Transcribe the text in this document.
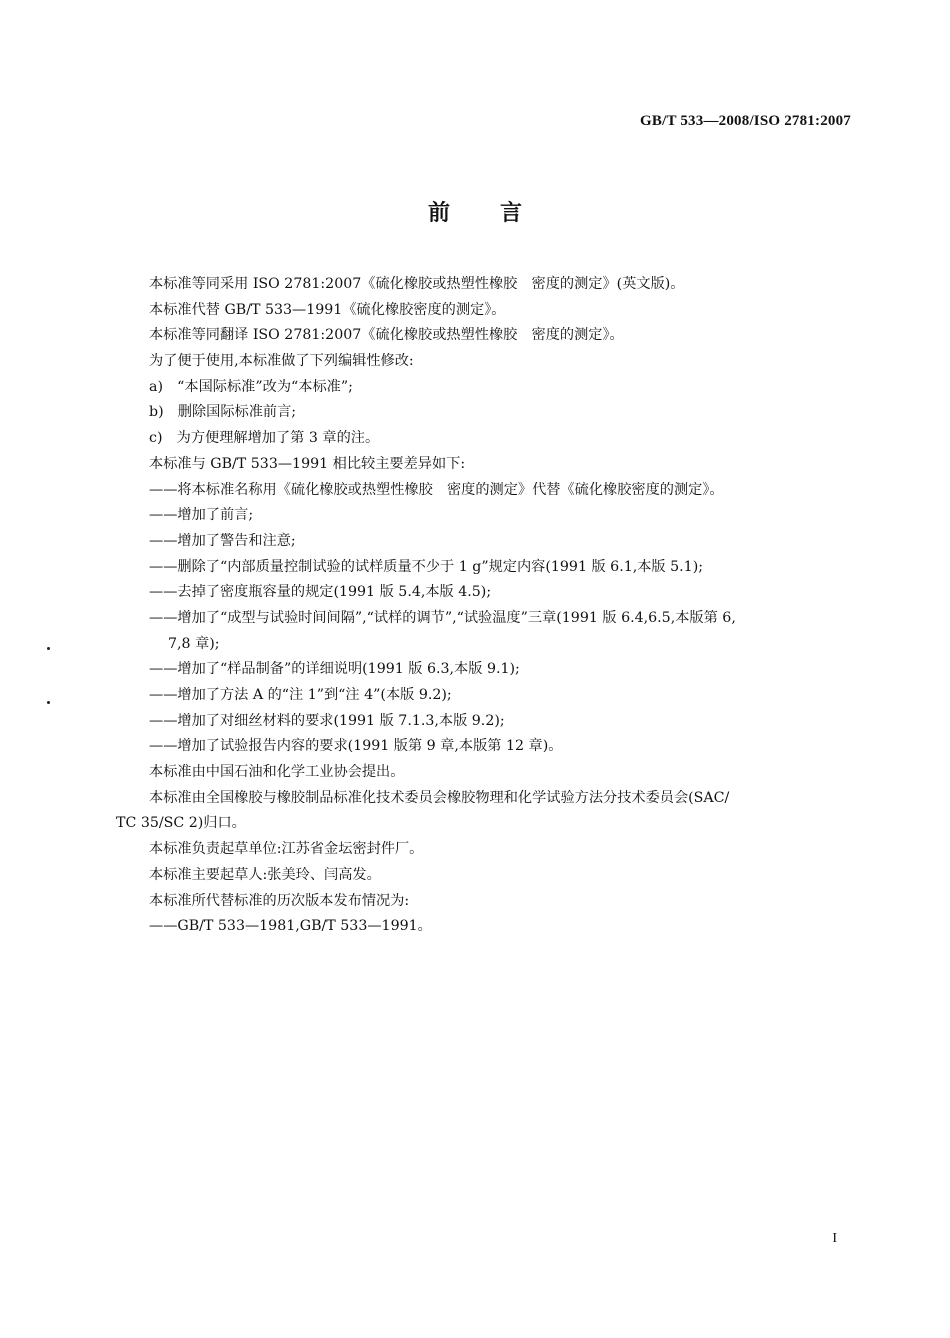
GB/T 533—2008/ISO 2781:2007
前言
本标准等同采用 ISO 2781:2007《硫化橡胶或热塑性橡胶　密度的测定》(英文版)。
本标准代替 GB/T 533—1991《硫化橡胶密度的测定》。
本标准等同翻译 ISO 2781:2007《硫化橡胶或热塑性橡胶　密度的测定》。
为了便于使用,本标准做了下列编辑性修改:
a)　“本国际标准”改为“本标准”;
b)　删除国际标准前言;
c)　为方便理解增加了第 3 章的注。
本标准与 GB/T 533—1991 相比较主要差异如下:
——将本标准名称用《硫化橡胶或热塑性橡胶　密度的测定》代替《硫化橡胶密度的测定》。
——增加了前言;
——增加了警告和注意;
——删除了“内部质量控制试验的试样质量不少于 1 g”规定内容(1991 版 6.1,本版 5.1);
——去掉了密度瓶容量的规定(1991 版 5.4,本版 4.5);
——增加了“成型与试验时间间隔”,“试样的调节”,“试验温度”三章(1991 版 6.4,6.5,本版第 6,
7,8 章);
——增加了“样品制备”的详细说明(1991 版 6.3,本版 9.1);
——增加了方法 A 的“注 1”到“注 4”(本版 9.2);
——增加了对细丝材料的要求(1991 版 7.1.3,本版 9.2);
——增加了试验报告内容的要求(1991 版第 9 章,本版第 12 章)。
本标准由中国石油和化学工业协会提出。
本标准由全国橡胶与橡胶制品标准化技术委员会橡胶物理和化学试验方法分技术委员会(SAC/
TC 35/SC 2)归口。
本标准负责起草单位:江苏省金坛密封件厂。
本标准主要起草人:张美玲、闫高发。
本标准所代替标准的历次版本发布情况为:
——GB/T 533—1981,GB/T 533—1991。
I
